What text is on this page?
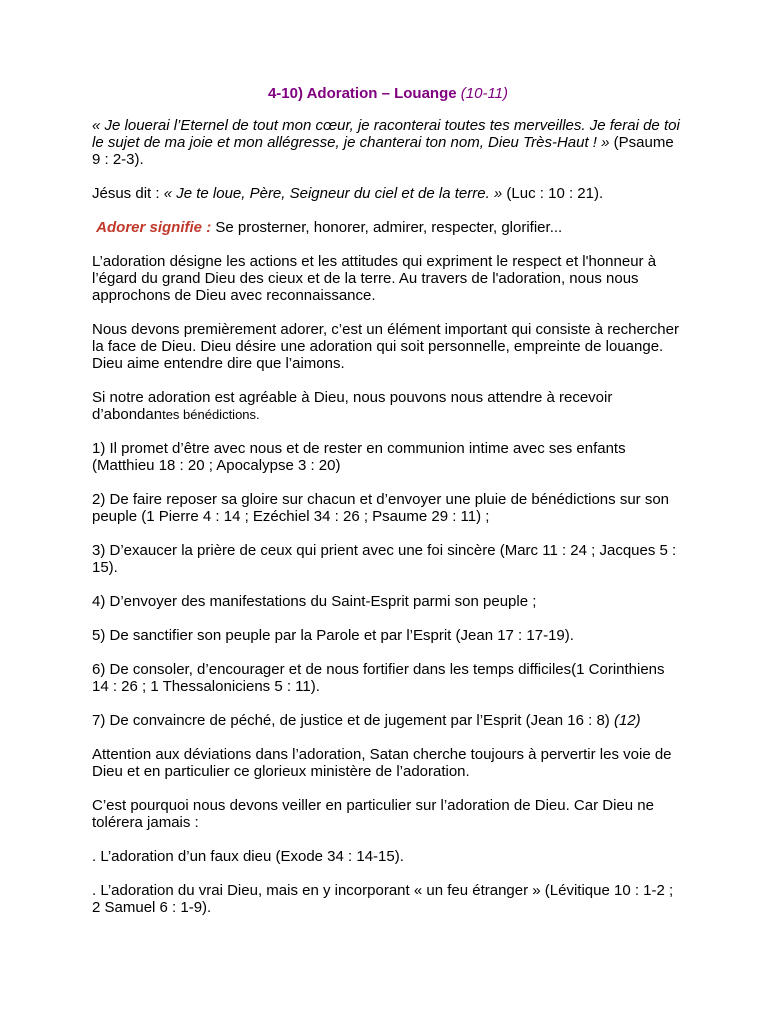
4-10) Adoration – Louange (10-11)

« Je louerai l’Eternel de tout mon cœur, je raconterai toutes tes merveilles. Je ferai de toi le sujet de ma joie et mon allégresse, je chanterai ton nom, Dieu Très-Haut ! » (Psaume 9 : 2-3).

Jésus dit : « Je te loue, Père, Seigneur du ciel et de la terre. » (Luc : 10 : 21).

Adorer signifie : Se prosterner, honorer, admirer, respecter, glorifier...

L’adoration désigne les actions et les attitudes qui expriment le respect et l'honneur à l’égard du grand Dieu des cieux et de la terre. Au travers de l'adoration, nous nous approchons de Dieu avec reconnaissance.

Nous devons premièrement adorer, c’est un élément important qui consiste à rechercher la face de Dieu. Dieu désire une adoration qui soit personnelle, empreinte de louange. Dieu aime entendre dire que l’aimons.

Si notre adoration est agréable à Dieu, nous pouvons nous attendre à recevoir d’abondantes bénédictions.

1) Il promet d’être avec nous et de rester en communion intime avec ses enfants (Matthieu 18 : 20 ; Apocalypse 3 : 20)

2) De faire reposer sa gloire sur chacun et d’envoyer une pluie de bénédictions sur son peuple (1 Pierre 4 : 14 ; Ezéchiel 34 : 26 ; Psaume 29 : 11) ;

3) D’exaucer la prière de ceux qui prient avec une foi sincère (Marc 11 : 24 ; Jacques 5 : 15).

4) D’envoyer des manifestations du Saint-Esprit parmi son peuple ;

5) De sanctifier son peuple par la Parole et par l’Esprit (Jean 17 : 17-19).

6) De consoler, d’encourager et de nous fortifier dans les temps difficiles(1 Corinthiens 14 : 26 ; 1 Thessaloniciens 5 : 11).

7) De convaincre de péché, de justice et de jugement par l’Esprit (Jean 16 : 8) (12)

Attention aux déviations dans l’adoration, Satan cherche toujours à pervertir les voie de Dieu et en particulier ce glorieux ministère de l’adoration.

C’est pourquoi nous devons veiller en particulier sur l’adoration de Dieu. Car Dieu ne tolérera jamais :

. L’adoration d’un faux dieu (Exode 34 : 14-15).

. L’adoration du vrai Dieu, mais en y incorporant « un feu étranger » (Lévitique 10 : 1-2 ; 2 Samuel 6 : 1-9).
